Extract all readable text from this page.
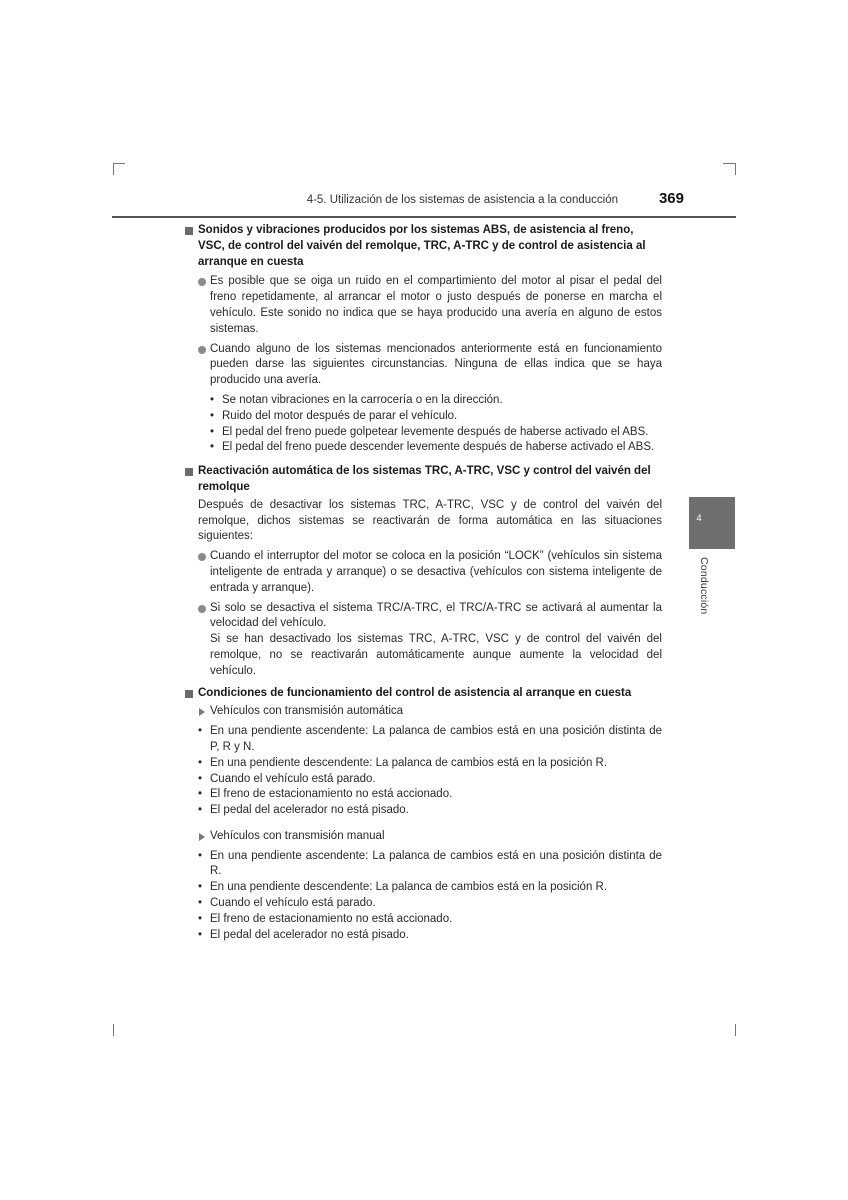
4-5. Utilización de los sistemas de asistencia a la conducción	369
4
Conducción
Sonidos y vibraciones producidos por los sistemas ABS, de asistencia al freno, VSC, de control del vaivén del remolque, TRC, A-TRC y de control de asistencia al arranque en cuesta
Es posible que se oiga un ruido en el compartimiento del motor al pisar el pedal del freno repetidamente, al arrancar el motor o justo después de ponerse en marcha el vehículo. Este sonido no indica que se haya producido una avería en alguno de estos sistemas.
Cuando alguno de los sistemas mencionados anteriormente está en funcionamiento pueden darse las siguientes circunstancias. Ninguna de ellas indica que se haya producido una avería.
• Se notan vibraciones en la carrocería o en la dirección.
• Ruido del motor después de parar el vehículo.
• El pedal del freno puede golpetear levemente después de haberse activado el ABS.
• El pedal del freno puede descender levemente después de haberse activado el ABS.
Reactivación automática de los sistemas TRC, A-TRC, VSC y control del vaivén del remolque
Después de desactivar los sistemas TRC, A-TRC, VSC y de control del vaivén del remolque, dichos sistemas se reactivarán de forma automática en las situaciones siguientes:
Cuando el interruptor del motor se coloca en la posición “LOCK” (vehículos sin sistema inteligente de entrada y arranque) o se desactiva (vehículos con sistema inteligente de entrada y arranque).
Si solo se desactiva el sistema TRC/A-TRC, el TRC/A-TRC se activará al aumentar la velocidad del vehículo.
Si se han desactivado los sistemas TRC, A-TRC, VSC y de control del vaivén del remolque, no se reactivarán automáticamente aunque aumente la velocidad del vehículo.
Condiciones de funcionamiento del control de asistencia al arranque en cuesta
Vehículos con transmisión automática
• En una pendiente ascendente: La palanca de cambios está en una posición distinta de P, R y N.
• En una pendiente descendente: La palanca de cambios está en la posición R.
• Cuando el vehículo está parado.
• El freno de estacionamiento no está accionado.
• El pedal del acelerador no está pisado.
Vehículos con transmisión manual
• En una pendiente ascendente: La palanca de cambios está en una posición distinta de R.
• En una pendiente descendente: La palanca de cambios está en la posición R.
• Cuando el vehículo está parado.
• El freno de estacionamiento no está accionado.
• El pedal del acelerador no está pisado.
